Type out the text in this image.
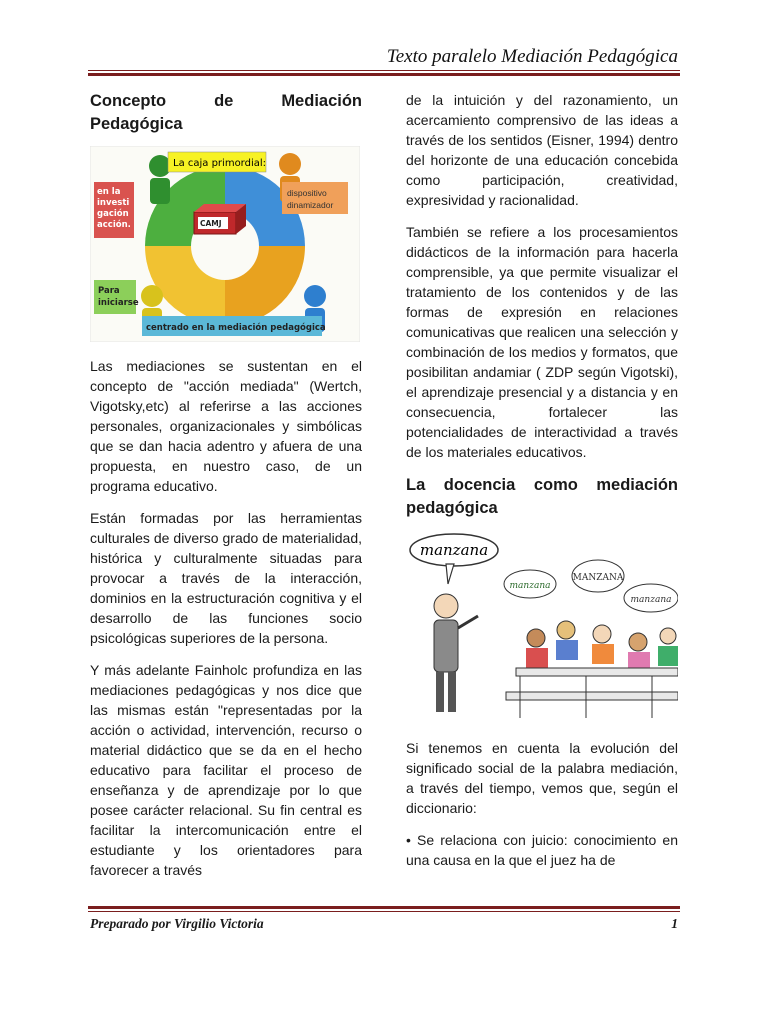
Texto paralelo Mediación Pedagógica
Concepto de Mediación Pedagógica
La caja primordial:
en la
investi
gación
acción.
dispositivo
dinamizador
CAMJ
Para
iniciarse
centrado en la mediación pedagógica

Las mediaciones se sustentan en el concepto de "acción mediada" (Wertch, Vigotsky,etc) al referirse a las acciones personales, organizacionales y simbólicas que se dan hacia adentro y afuera de una propuesta, en nuestro caso, de un programa educativo.

Están formadas por las herramientas culturales de diverso grado de materialidad, histórica y culturalmente situadas para provocar a través de la interacción, dominios en la estructuración cognitiva y el desarrollo de las funciones socio psicológicas superiores de la persona.

Y más adelante Fainholc profundiza en las mediaciones pedagógicas y nos dice que las mismas están "representadas por la acción o actividad, intervención, recurso o material didáctico que se da en el hecho educativo para facilitar el proceso de enseñanza y de aprendizaje por lo que posee carácter relacional. Su fin central es facilitar la intercomunicación entre el estudiante y los orientadores para favorecer a través

de la intuición y del razonamiento, un acercamiento comprensivo de las ideas a través de los sentidos (Eisner, 1994) dentro del horizonte de una educación concebida como participación, creatividad, expresividad y racionalidad.

También se refiere a los procesamientos didácticos de la información para hacerla comprensible, ya que permite visualizar el tratamiento de los contenidos y de las formas de expresión en relaciones comunicativas que realicen una selección y combinación de los medios y formatos, que posibilitan andamiar ( ZDP según Vigotski), el aprendizaje presencial y a distancia y en consecuencia, fortalecer las potencialidades de interactividad a través de los materiales educativos.

La docencia como mediación pedagógica
manzana
manzana
MANZANA
manzana

Si tenemos en cuenta la evolución del significado social de la palabra mediación, a través del tiempo, vemos que, según el diccionario:

• Se relaciona con juicio: conocimiento en una causa en la que el juez ha de

Preparado por Virgilio Victoria	1
